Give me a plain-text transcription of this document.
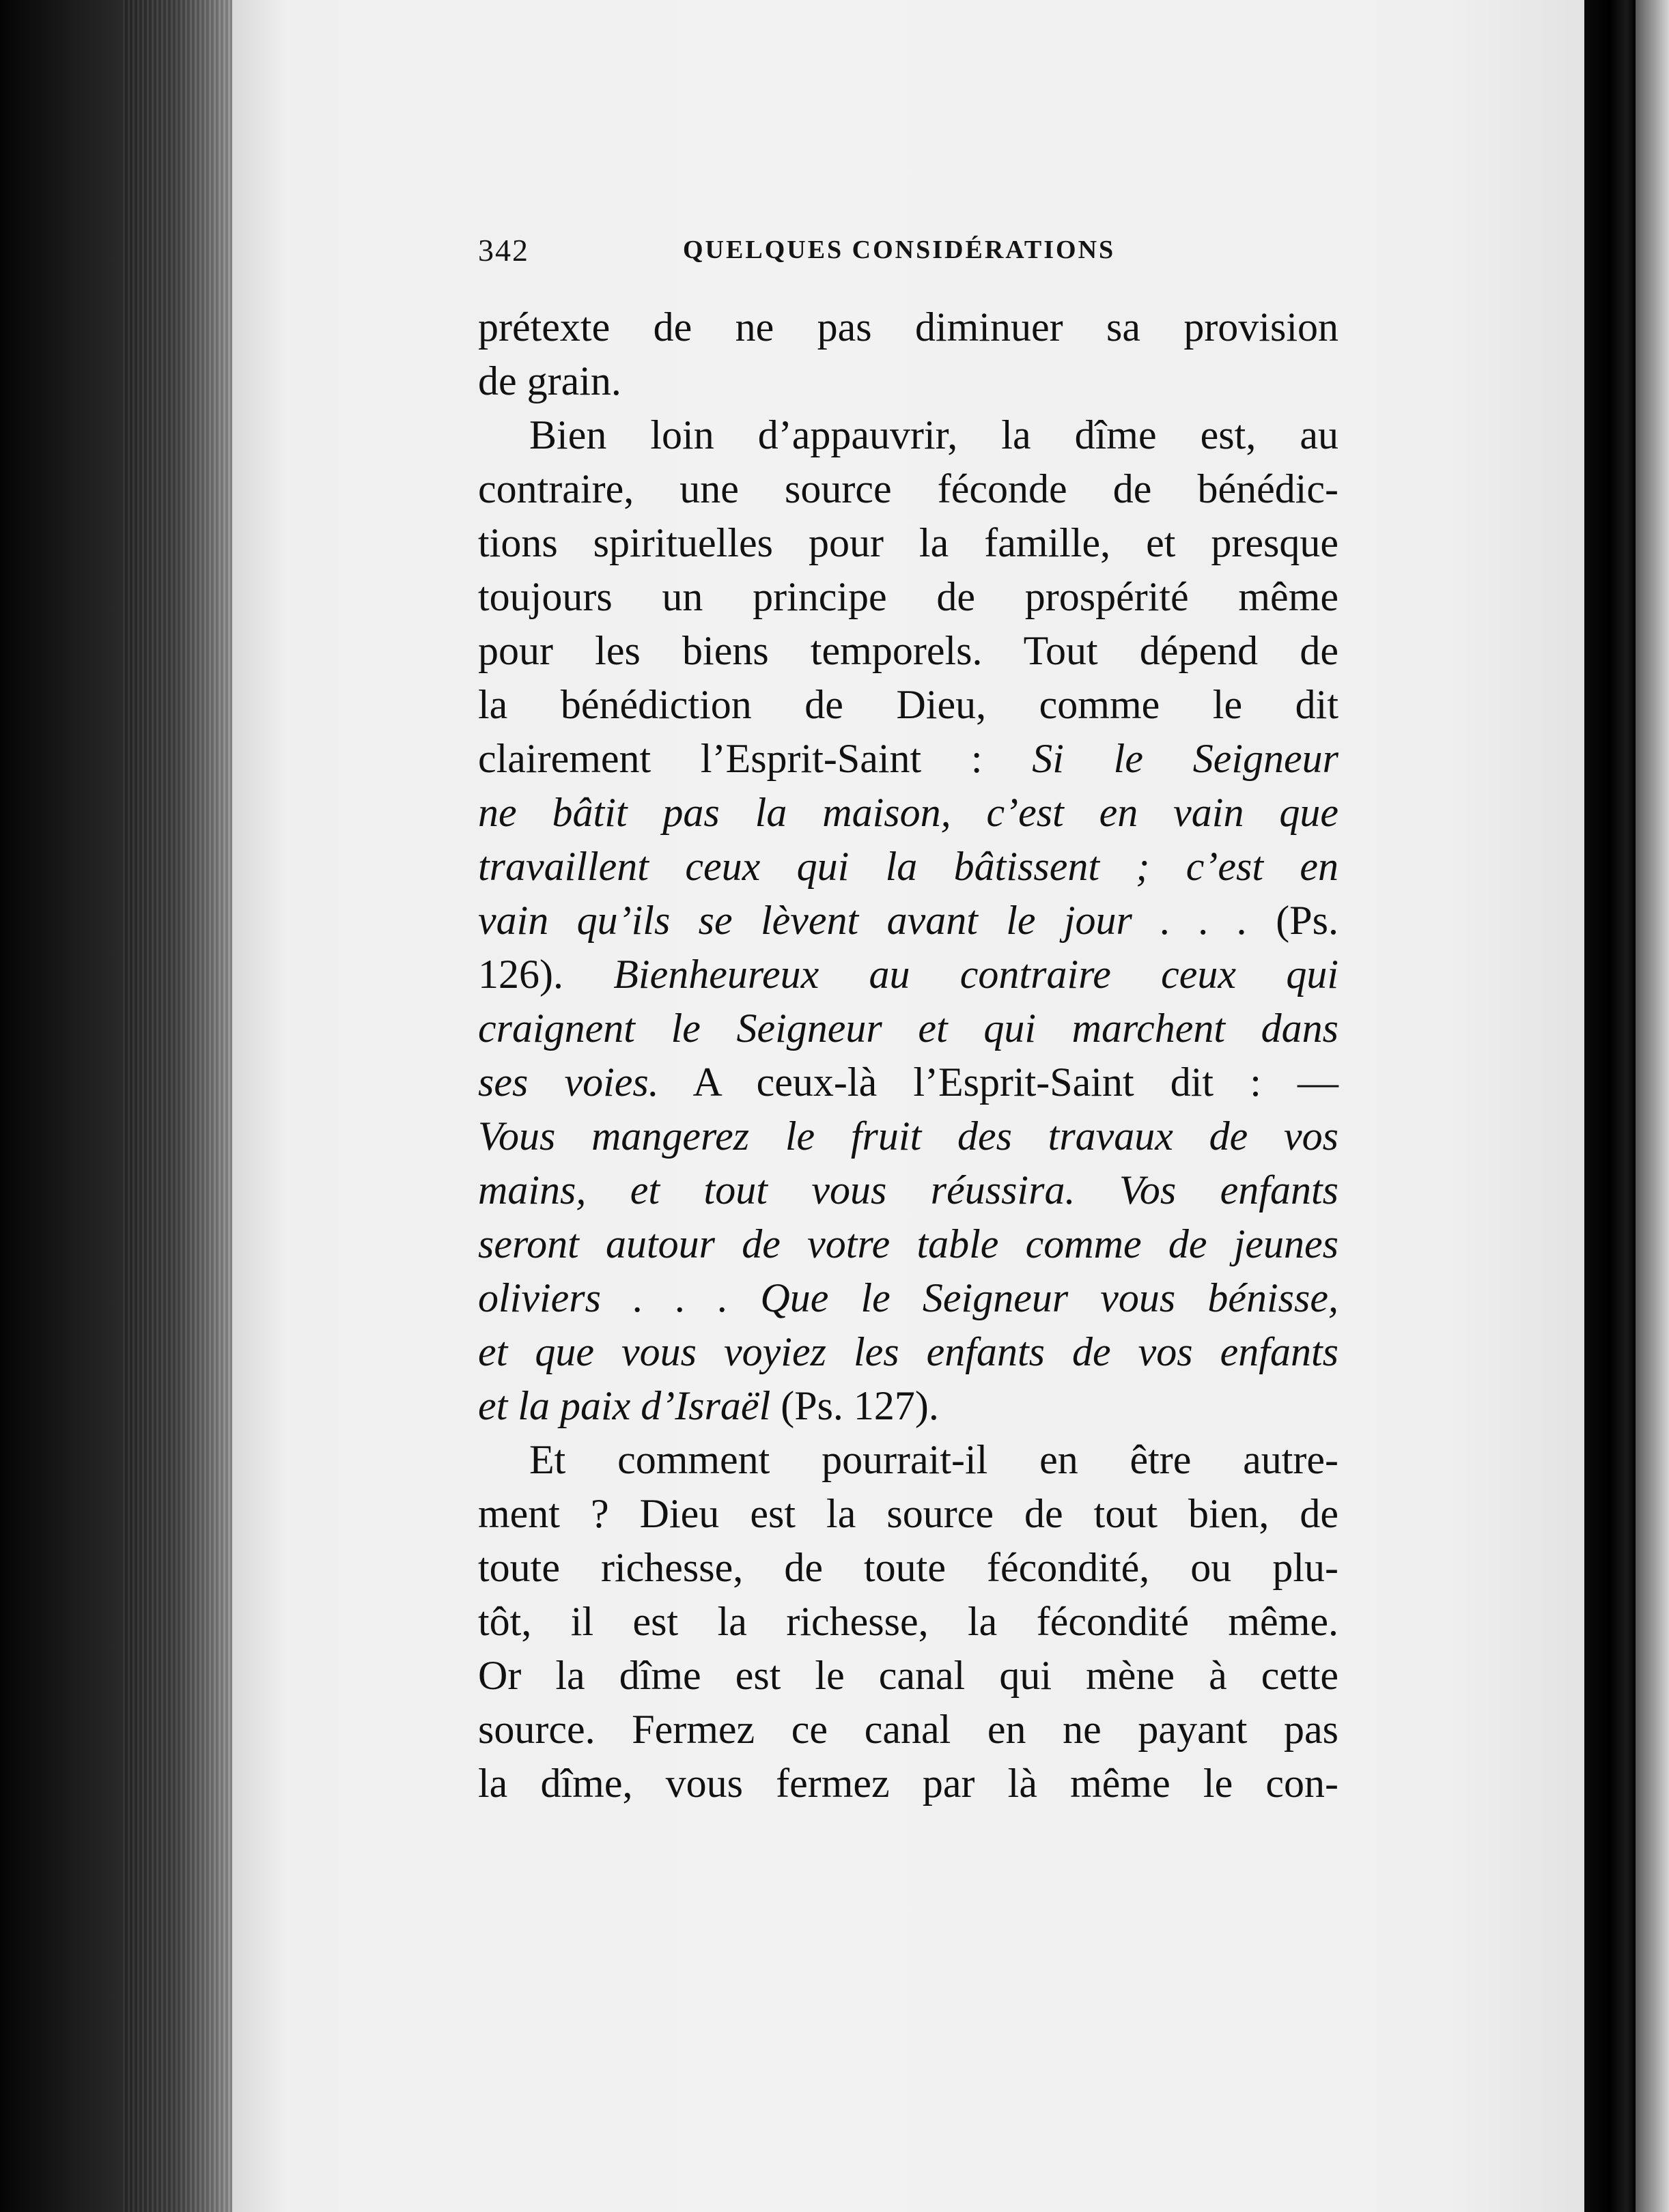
342	QUELQUES CONSIDÉRATIONS
prétexte de ne pas diminuer sa provision
de grain.
Bien loin d’appauvrir, la dîme est, au
contraire, une source féconde de bénédic-
tions spirituelles pour la famille, et presque
toujours un principe de prospérité même
pour les biens temporels. Tout dépend de
la bénédiction de Dieu, comme le dit
clairement l’Esprit-Saint : Si le Seigneur
ne bâtit pas la maison, c’est en vain que
travaillent ceux qui la bâtissent ; c’est en
vain qu’ils se lèvent avant le jour . . . (Ps.
126). Bienheureux au contraire ceux qui
craignent le Seigneur et qui marchent dans
ses voies. A ceux-là l’Esprit-Saint dit : —
Vous mangerez le fruit des travaux de vos
mains, et tout vous réussira. Vos enfants
seront autour de votre table comme de jeunes
oliviers . . . Que le Seigneur vous bénisse,
et que vous voyiez les enfants de vos enfants
et la paix d’Israël (Ps. 127).
Et comment pourrait-il en être autre-
ment ? Dieu est la source de tout bien, de
toute richesse, de toute fécondité, ou plu-
tôt, il est la richesse, la fécondité même.
Or la dîme est le canal qui mène à cette
source. Fermez ce canal en ne payant pas
la dîme, vous fermez par là même le con-
